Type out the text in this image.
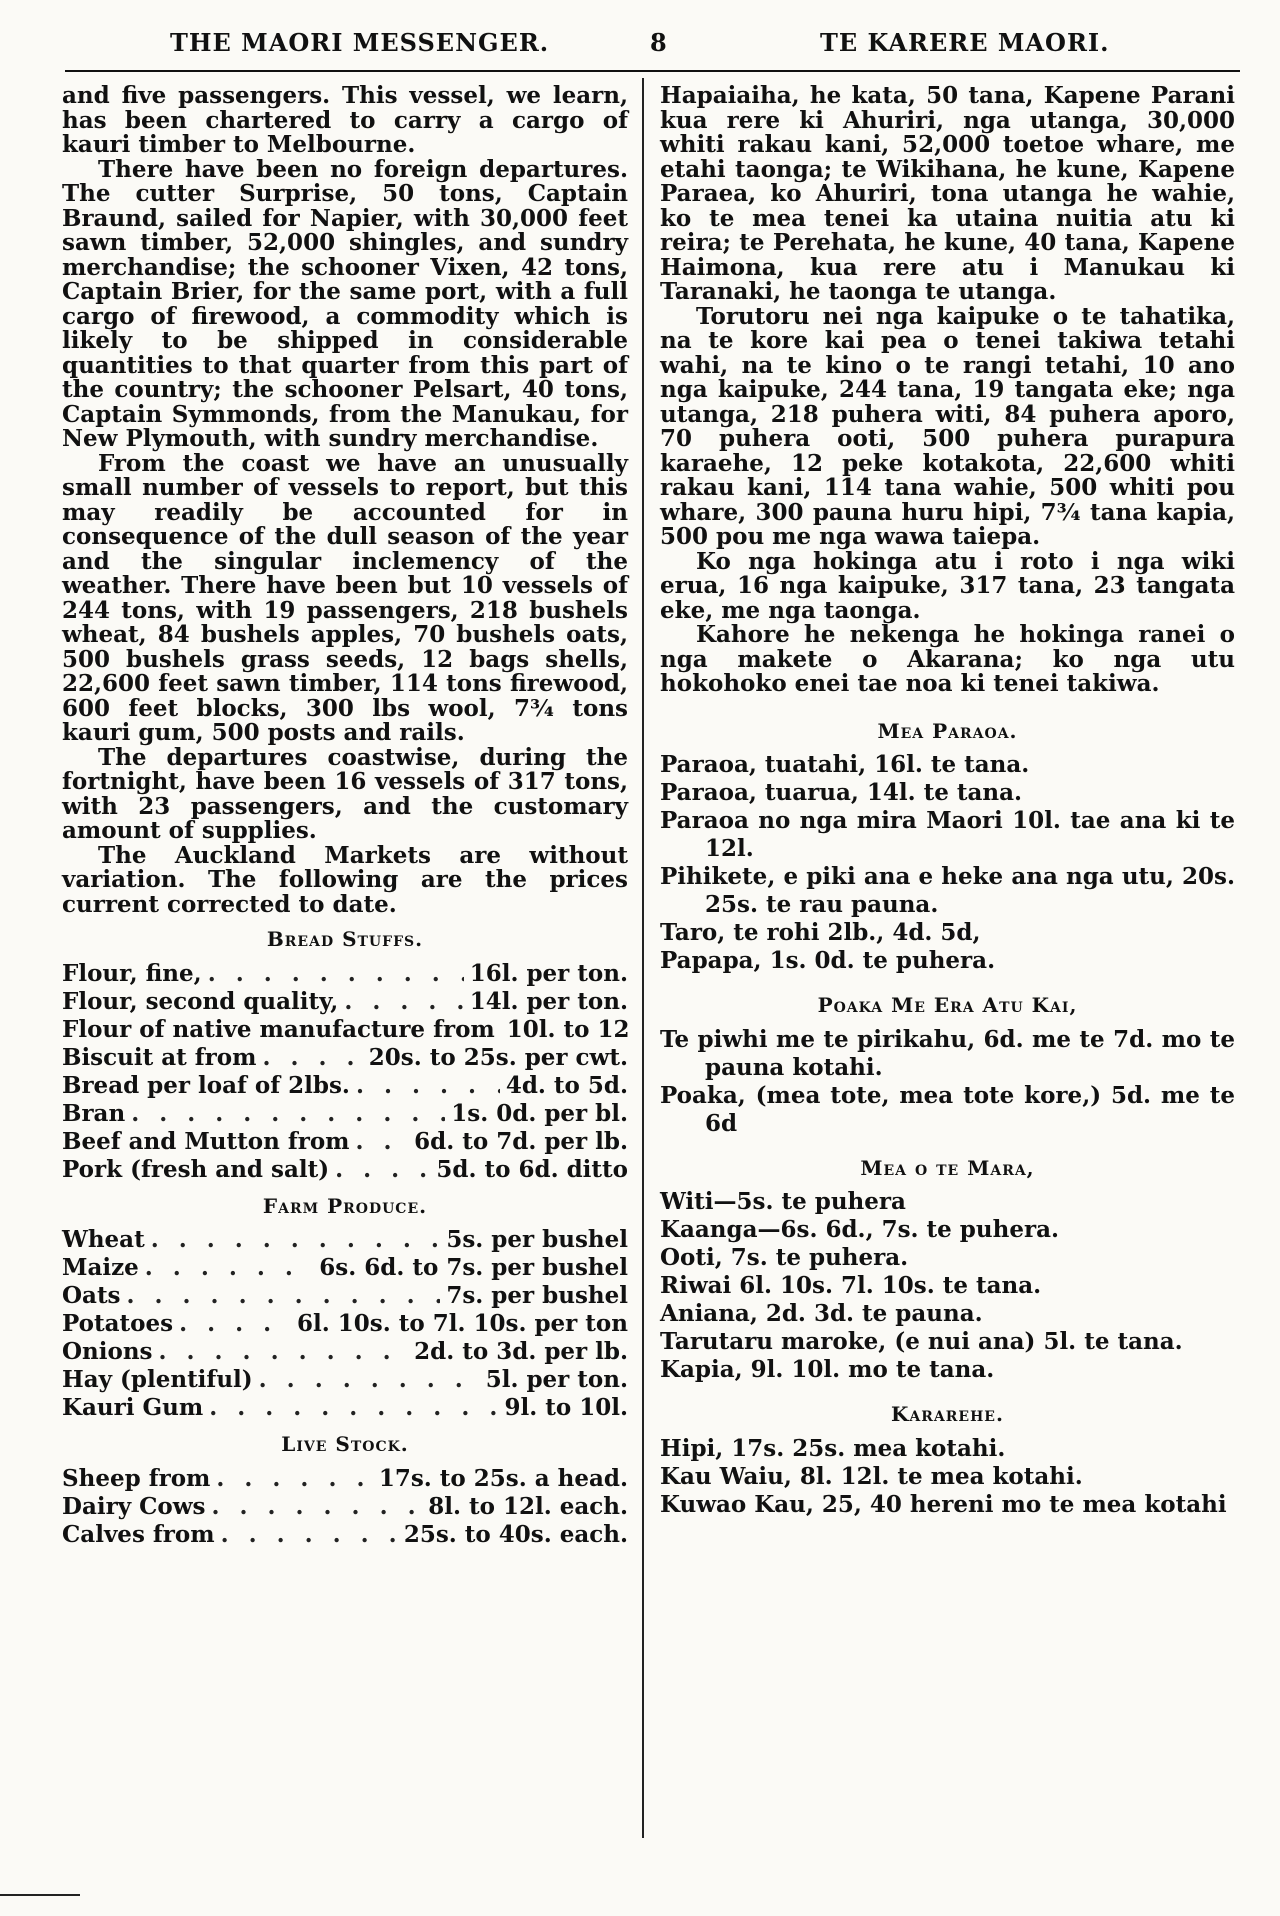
THE MAORI MESSENGER.	8	TE KARERE MAORI.

and five passengers. This vessel, we learn, has been chartered to carry a cargo of kauri timber to Melbourne.

There have been no foreign departures. The cutter Surprise, 50 tons, Captain Braund, sailed for Napier, with 30,000 feet sawn timber, 52,000 shingles, and sundry merchandise; the schooner Vixen, 42 tons, Captain Brier, for the same port, with a full cargo of firewood, a commodity which is likely to be shipped in considerable quantities to that quarter from this part of the country; the schooner Pelsart, 40 tons, Captain Symmonds, from the Manukau, for New Plymouth, with sundry merchandise.

From the coast we have an unusually small number of vessels to report, but this may readily be accounted for in consequence of the dull season of the year and the singular inclemency of the weather. There have been but 10 vessels of 244 tons, with 19 passengers, 218 bushels wheat, 84 bushels apples, 70 bushels oats, 500 bushels grass seeds, 12 bags shells, 22,600 feet sawn timber, 114 tons firewood, 600 feet blocks, 300 lbs wool, 7¾ tons kauri gum, 500 posts and rails.

The departures coastwise, during the fortnight, have been 16 vessels of 317 tons, with 23 passengers, and the customary amount of supplies.

The Auckland Markets are without variation. The following are the prices current corrected to date.

Bread Stuffs.
Flour, fine, . . .	16l. per ton.
Flour, second quality, . . .	14l. per ton.
Flour of native manufacture from 10l. to 12
Biscuit at from . . .	20s. to 25s. per cwt.
Bread per loaf of 2lbs. . . .	4d. to 5d.
Bran . . .	1s. 0d. per bl.
Beef and Mutton from . . .	6d. to 7d. per lb.
Pork (fresh and salt) . . .	5d. to 6d. ditto
Farm Produce.
Wheat . . .	5s. per bushel
Maize . . .	6s. 6d. to 7s. per bushel
Oats . . .	7s. per bushel
Potatoes . . .	6l. 10s. to 7l. 10s. per ton
Onions . . .	2d. to 3d. per lb.
Hay (plentiful) . . .	5l. per ton.
Kauri Gum . . .	9l. to 10l.
Live Stock.
Sheep from . . .	17s. to 25s. a head.
Dairy Cows . . .	8l. to 12l. each.
Calves from . . .	25s. to 40s. each.

Hapaiaiha, he kata, 50 tana, Kapene Parani kua rere ki Ahuriri, nga utanga, 30,000 whiti rakau kani, 52,000 toetoe whare, me etahi taonga; te Wikihana, he kune, Kapene Paraea, ko Ahuriri, tona utanga he wahie, ko te mea tenei ka utaina nuitia atu ki reira; te Perehata, he kune, 40 tana, Kapene Haimona, kua rere atu i Manukau ki Taranaki, he taonga te utanga.

Torutoru nei nga kaipuke o te tahatika, na te kore kai pea o tenei takiwa tetahi wahi, na te kino o te rangi tetahi, 10 ano nga kaipuke, 244 tana, 19 tangata eke; nga utanga, 218 puhera witi, 84 puhera aporo, 70 puhera ooti, 500 puhera purapura karaehe, 12 peke kotakota, 22,600 whiti rakau kani, 114 tana wahie, 500 whiti pou whare, 300 pauna huru hipi, 7¾ tana kapia, 500 pou me nga wawa taiepa.

Ko nga hokinga atu i roto i nga wiki erua, 16 nga kaipuke, 317 tana, 23 tangata eke, me nga taonga.

Kahore he nekenga he hokinga ranei o nga makete o Akarana; ko nga utu hokohoko enei tae noa ki tenei takiwa.

Mea Paraoa.

Paraoa, tuatahi, 16l. te tana.

Paraoa, tuarua, 14l. te tana.

Paraoa no nga mira Maori 10l. tae ana ki te 12l.

Pihikete, e piki ana e heke ana nga utu, 20s. 25s. te rau pauna.

Taro, te rohi 2lb., 4d. 5d,

Papapa, 1s. 0d. te puhera.

Poaka Me Era Atu Kai,

Te piwhi me te pirikahu, 6d. me te 7d. mo te pauna kotahi.

Poaka, (mea tote, mea tote kore,) 5d. me te 6d

Mea o te Mara,

Witi—5s. te puhera

Kaanga—6s. 6d., 7s. te puhera.

Ooti, 7s. te puhera.

Riwai 6l. 10s. 7l. 10s. te tana.

Aniana, 2d. 3d. te pauna.

Tarutaru maroke, (e nui ana) 5l. te tana.

Kapia, 9l. 10l. mo te tana.

Kararehe.

Hipi, 17s. 25s. mea kotahi.

Kau Waiu, 8l. 12l. te mea kotahi.

Kuwao Kau, 25, 40 hereni mo te mea kotahi
